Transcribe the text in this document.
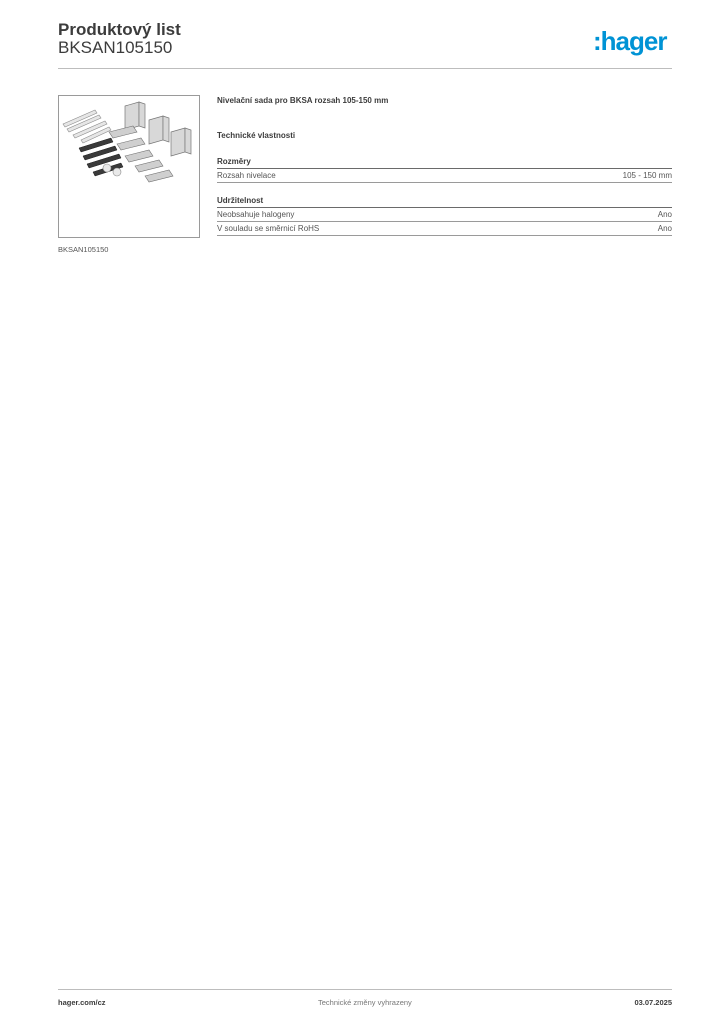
Produktový list
BKSAN105150	:hager
BKSAN105150
Nivelační sada pro BKSA rozsah 105-150 mm
Technické vlastnosti
Rozměry
Rozsah nivelace	105 - 150 mm
Udržitelnost
Neobsahuje halogeny	Ano
V souladu se směrnicí RoHS	Ano
hager.com/cz	Technické změny vyhrazeny	03.07.2025
